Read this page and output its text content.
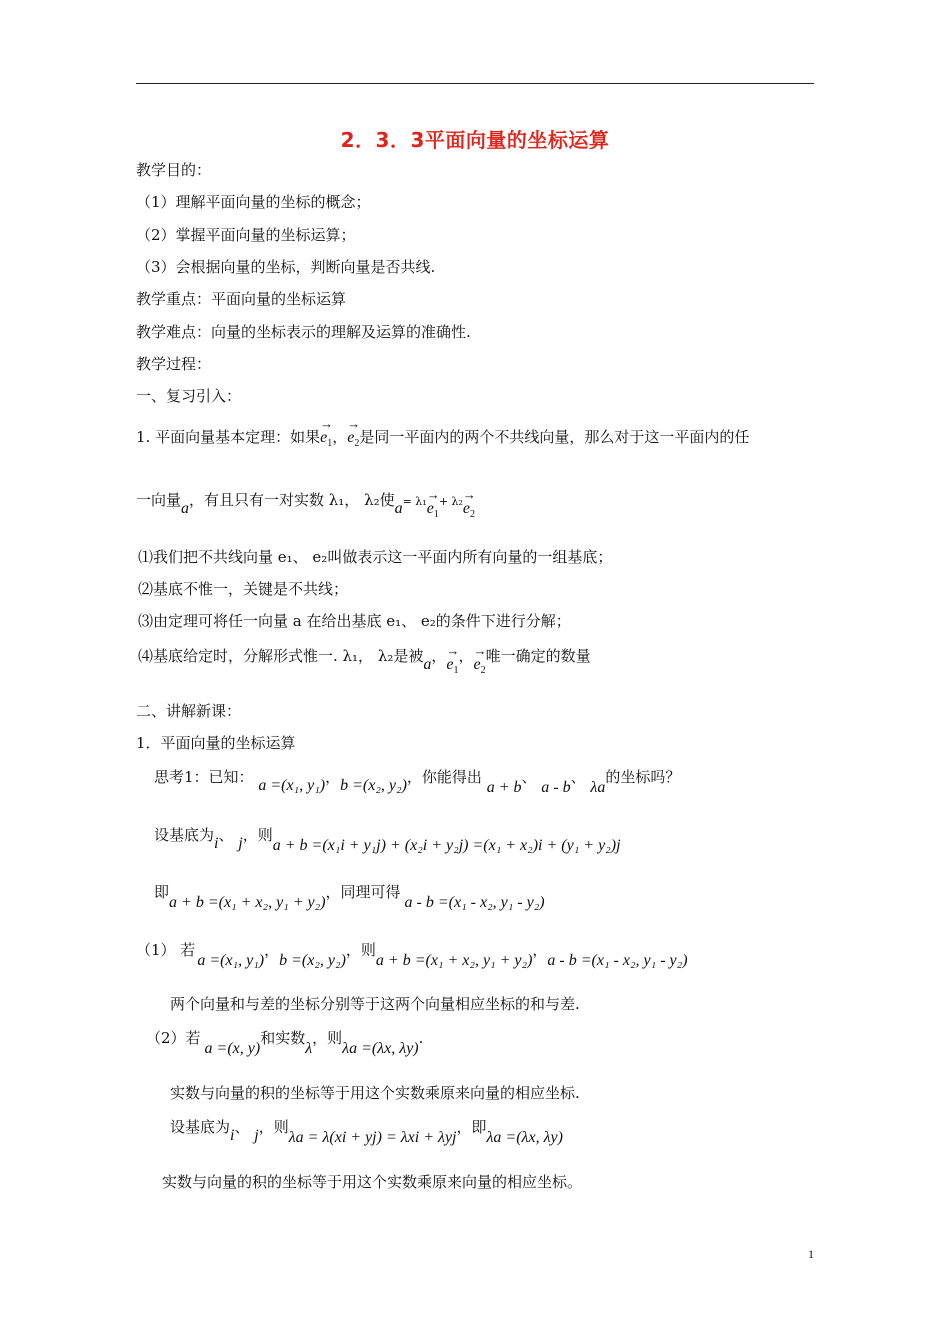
2．3．3平面向量的坐标运算
教学目的：
（1）理解平面向量的坐标的概念；
（2）掌握平面向量的坐标运算；
（3）会根据向量的坐标，判断向量是否共线.
教学重点：平面向量的坐标运算
教学难点：向量的坐标表示的理解及运算的准确性.
教学过程：
一、复习引入：
1. 平面向量基本定理：如果
→
$e_1$，
→
$e_2$是同一平面内的两个不共线向量，那么对于这一平面内的任
一向量a，有且只有一对实数 λ₁， λ₂使a= λ₁ →
$e_1+ \lambda_2$ →
$e_2$
⑴我们把不共线向量 e₁、 e₂叫做表示这一平面内所有向量的一组基底；
⑵基底不惟一，关键是不共线；
⑶由定理可将任一向量 a 在给出基底 e₁、 e₂的条件下进行分解；
⑷基底给定时，分解形式惟一. λ₁， λ₂是被a， →
$e_1$， →
$e_2$唯一确定的数量
二、讲解新课：
1．平面向量的坐标运算
思考1：已知： a =(x₁, y₁)，b =(x₂, y₂)，你能得出 a + b、 a - b、 λa的坐标吗？
设基底为i、 j，则a + b =(x₁i + y₁j) + (x₂i + y₂j) =(x₁ + x₂)i + (y₁ + y₂)j
即a + b =(x₁ + x₂, y₁ + y₂)，同理可得a - b =(x₁ - x₂, y₁ - y₂)
（1） 若a =(x₁, y₁)，b =(x₂, y₂)，则a + b =(x₁ + x₂, y₁ + y₂)，a - b =(x₁ - x₂, y₁ - y₂)
两个向量和与差的坐标分别等于这两个向量相应坐标的和与差.
（2）若a =(x, y)和实数λ，则λa =(λx, λy).
实数与向量的积的坐标等于用这个实数乘原来向量的相应坐标.
设基底为i、 j，则λa = λ(xi + yj) = λxi + λyj，即λa =(λx, λy)
实数与向量的积的坐标等于用这个实数乘原来向量的相应坐标。
1
